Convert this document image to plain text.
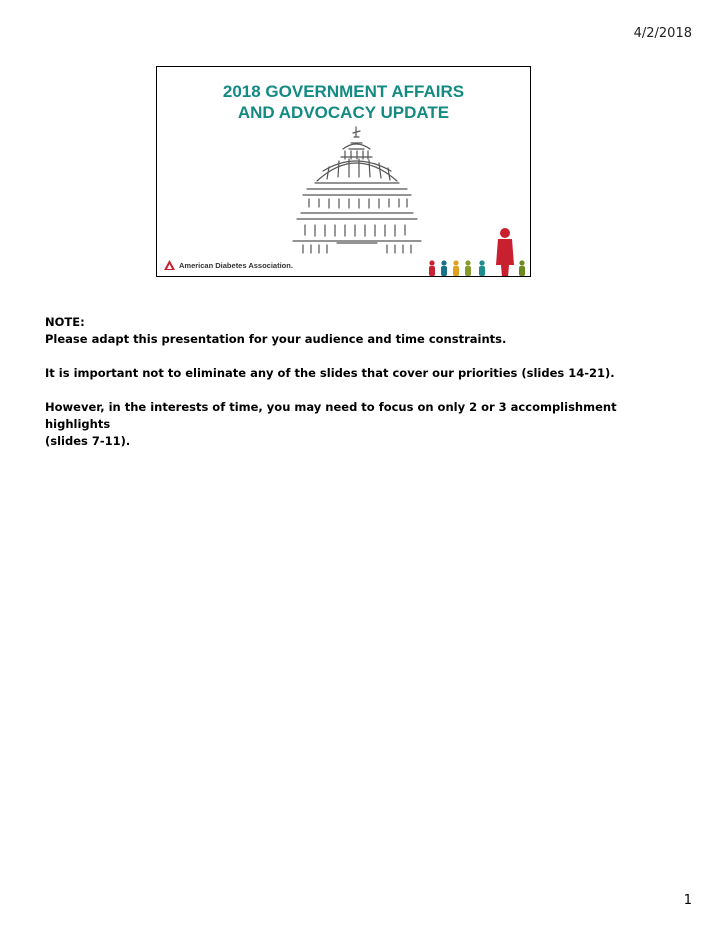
4/2/2018
2018 GOVERNMENT AFFAIRS
AND ADVOCACY UPDATE
American Diabetes Association.

NOTE:

Please adapt this presentation for your audience and time constraints.

It is important not to eliminate any of the slides that cover our priorities (slides 14-21).

However, in the interests of time, you may need to focus on only 2 or 3 accomplishment highlights

(slides 7-11).

1
